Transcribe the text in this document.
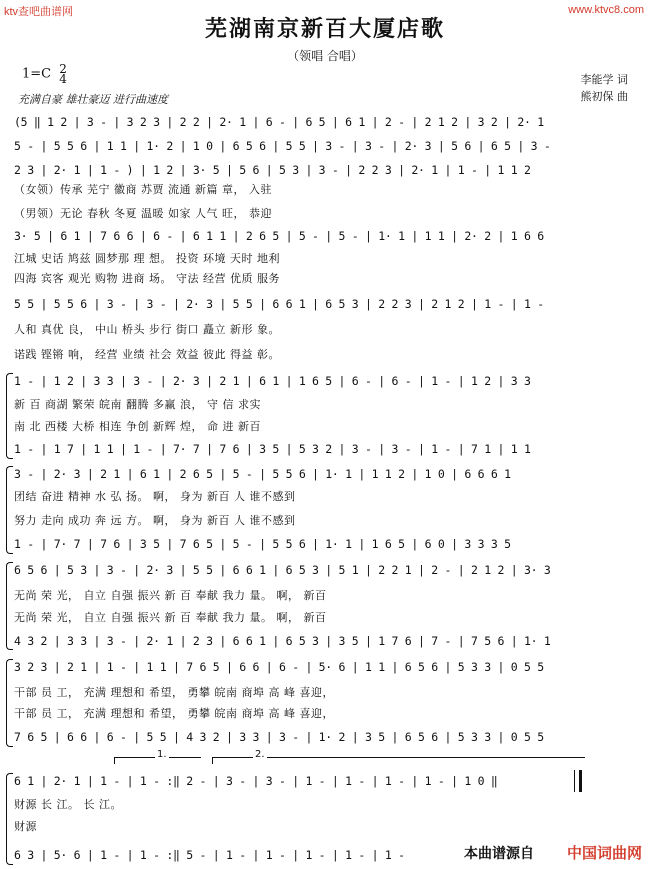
ktv查吧曲谱网	www.ktvc8.com
芜湖南京新百大厦店歌
（领唱 合唱）
1=C 2
4
充满自豪 雄壮豪迈 进行曲速度
李能学 词
熊初保 曲
(5 ‖ 1 2 | 3 - | 3 2 3 | 2 2 | 2· 1 | 6 - | 6 5 | 6 1 | 2 - | 2 1 2 | 3 2 | 2· 1
5 - | 5 5 6 | 1 1 | 1· 2 | 1 0 | 6 5 6 | 5 5 | 3 - | 3 - | 2· 3 | 5 6 | 6 5 | 3 -
2 3 | 2· 1 | 1 - ) | 1 2 | 3· 5 | 5 6 | 5 3 | 3 - | 2 2 3 | 2· 1 | 1 - | 1 1 2
（女领）传承 芜宁 徽商 苏贾 流通 新篇 章， 入驻
（男领）无论 春秋 冬夏 温暖 如家 人气 旺， 恭迎
3· 5 | 6 1 | 7 6 6 | 6 - | 6 1 1 | 2 6 5 | 5 - | 5 - | 1· 1 | 1 1 | 2· 2 | 1 6 6
江城 史话 鸠兹 圆梦那 理 想。 投资 环境 天时 地利
四海 宾客 观光 购物 进商 场。 守法 经营 优质 服务
5 5 | 5 5 6 | 3 - | 3 - | 2· 3 | 5 5 | 6 6 1 | 6 5 3 | 2 2 3 | 2 1 2 | 1 - | 1 -
人和 真优 良， 中山 桥头 步行 街口 矗立 新形 象。
诺践 铿锵 响， 经营 业绩 社会 效益 彼此 得益 彰。
1 - | 1 2 | 3 3 | 3 - | 2· 3 | 2 1 | 6 1 | 1 6 5 | 6 - | 6 - | 1 - | 1 2 | 3 3
新 百 商湖 繁荣 皖南 翻腾 多赢 浪， 守 信 求实
南 北 西楼 大桥 相连 争创 新辉 煌， 命 进 新百
1 - | 1 7 | 1 1 | 1 - | 7· 7 | 7 6 | 3 5 | 5 3 2 | 3 - | 3 - | 1 - | 7 1 | 1 1
3 - | 2· 3 | 2 1 | 6 1 | 2 6 5 | 5 - | 5 5 6 | 1· 1 | 1 1 2 | 1 0 | 6 6 6 1
团结 奋进 精神 水 弘 扬。 啊， 身为 新百 人 谁不感到
努力 走向 成功 奔 远 方。 啊， 身为 新百 人 谁不感到
1 - | 7· 7 | 7 6 | 3 5 | 7 6 5 | 5 - | 5 5 6 | 1· 1 | 1 6 5 | 6 0 | 3 3 3 5
6 5 6 | 5 3 | 3 - | 2· 3 | 5 5 | 6 6 1 | 6 5 3 | 5 1 | 2 2 1 | 2 - | 2 1 2 | 3· 3
无尚 荣 光， 自立 自强 振兴 新 百 奉献 我力 量。 啊， 新百
无尚 荣 光， 自立 自强 振兴 新 百 奉献 我力 量。 啊， 新百
4 3 2 | 3 3 | 3 - | 2· 1 | 2 3 | 6 6 1 | 6 5 3 | 3 5 | 1 7 6 | 7 - | 7 5 6 | 1· 1
3 2 3 | 2 1 | 1 - | 1 1 | 7 6 5 | 6 6 | 6 - | 5· 6 | 1 1 | 6 5 6 | 5 3 3 | 0 5 5
干部 员 工， 充满 理想和 希望， 勇攀 皖南 商埠 高 峰 喜迎，
干部 员 工， 充满 理想和 希望， 勇攀 皖南 商埠 高 峰 喜迎，
7 6 5 | 6 6 | 6 - | 5 5 | 4 3 2 | 3 3 | 3 - | 1· 2 | 3 5 | 6 5 6 | 5 3 3 | 0 5 5
6 1 | 2· 1 | 1 - | 1 - :‖ 2 - | 3 - | 3 - | 1 - | 1 - | 1 - | 1 - | 1 0 ‖
财源 长 江。 长 江。
财源
6 3 | 5· 6 | 1 - | 1 - :‖ 5 - | 1 - | 1 - | 1 - | 1 - | 1 -
1.	2.
本曲谱源自 中国词曲网
